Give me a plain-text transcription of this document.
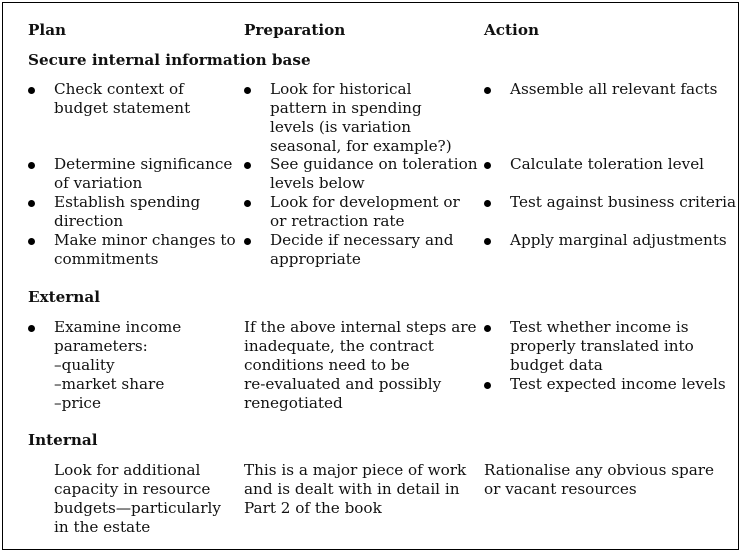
Plan	Preparation	Action
Secure internal information base
Check context of
budget statement
Look for historical
pattern in spending
levels (is variation
seasonal, for example?)
Assemble all relevant facts
Determine significance
of variation
See guidance on toleration
levels below
Calculate toleration level
Establish spending
direction
Look for development or
or retraction rate
Test against business criteria
Make minor changes to
commitments
Decide if necessary and
appropriate
Apply marginal adjustments
External
Examine income
parameters:
–quality
–market share
–price
If the above internal steps are
inadequate, the contract
conditions need to be
re-evaluated and possibly
renegotiated
Test whether income is
properly translated into
budget data
Test expected income levels
Internal
Look for additional
capacity in resource
budgets—particularly
in the estate
This is a major piece of work
and is dealt with in detail in
Part 2 of the book
Rationalise any obvious spare
or vacant resources
